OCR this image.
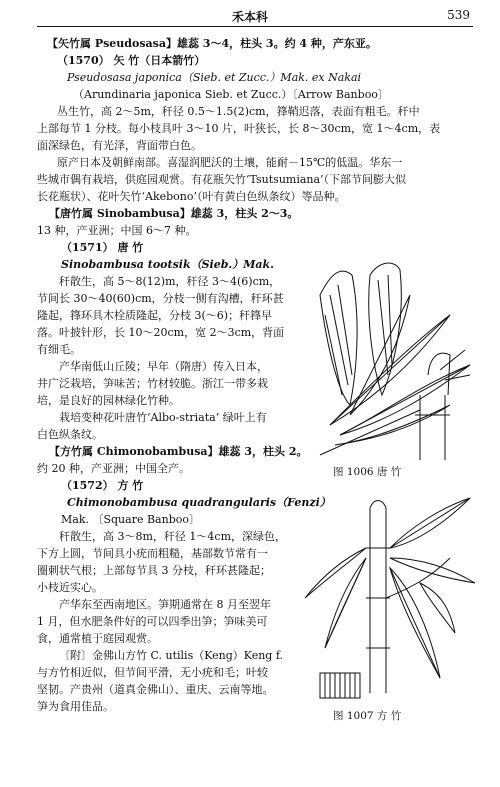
禾本科	539
【矢竹属 Pseudosasa】雄蕊 3～4，柱头 3。约 4 种，产东亚。
（1570） 矢 竹（日本箭竹）
Pseudosasa japonica（Sieb. et Zucc.）Mak. ex Nakai
（Arundinaria japonica Sieb. et Zucc.）〔Arrow Banboo〕
丛生竹，高 2～5m，秆径 0.5～1.5(2)cm，箨鞘迟落，表面有粗毛。秆中
上部每节 1 分枝。每小枝具叶 3～10 片，叶狭长，长 8～30cm，宽 1～4cm，表
面深绿色，有光泽，背面带白色。
原产日本及朝鲜南部。喜湿润肥沃的土壤，能耐－15℃的低温。华东一
些城市偶有栽培，供庭园观赏。有花瓶矢竹‘Tsutsumiana’（下部节间膨大似
长花瓶状）、花叶矢竹‘Akebono’（叶有黄白色纵条纹）等品种。
【唐竹属 Sinobambusa】雄蕊 3，柱头 2～3。
13 种，产亚洲；中国 6～7 种。
（1571） 唐 竹
Sinobambusa tootsik（Sieb.）Mak.
秆散生，高 5～8(12)m，秆径 3～4(6)cm，
节间长 30～40(60)cm，分枝一侧有沟槽，秆环甚
隆起，箨环具木栓质隆起，分枝 3(～6)；秆箨早
落。叶披针形，长 10～20cm，宽 2～3cm，背面
有细毛。
产华南低山丘陵；早年（隋唐）传入日本，
井广泛栽培，笋味苦；竹材较脆。浙江一带多栽
培，是良好的园林绿化竹种。
栽培变种花叶唐竹‘Albo-striata’ 绿叶上有
白色纵条纹。
【方竹属 Chimonobambusa】雄蕊 3，柱头 2。
约 20 种，产亚洲；中国全产。
（1572） 方 竹
Chimonobambusa quadrangularis（Fenzi）
Mak. 〔Square Banboo〕
秆散生，高 3～8m，秆径 1～4cm，深绿色，
下方上圆，节间具小疣而粗糙，基部数节常有一
圈刺状气根；上部每节具 3 分枝，秆环甚隆起；
小枝近实心。
产华东至西南地区。笋期通常在 8 月至翌年
1 月，但水肥条件好的可以四季出笋；笋味美可
食，通常植于庭园观赏。
〔附〕金佛山方竹 C. utilis（Keng）Keng f.
与方竹相近似，但节间平滑，无小疣和毛；叶较
坚韧。产贵州（道真金佛山）、重庆、云南等地。
笋为食用佳品。
图 1006 唐 竹
图 1007 方 竹
